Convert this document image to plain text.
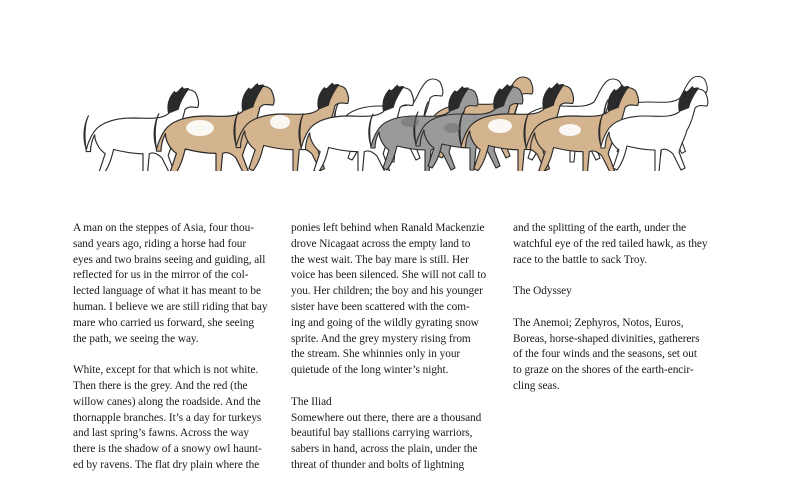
A man on the steppes of Asia, four thou-
sand years ago, riding a horse had four
eyes and two brains seeing and guiding, all
reflected for us in the mirror of the col-
lected language of what it has meant to be
human. I believe we are still riding that bay
mare who carried us forward, she seeing
the path, we seeing the way.

White, except for that which is not white.
Then there is the grey. And the red (the
willow canes) along the roadside. And the
thornapple branches. It’s a day for turkeys
and last spring’s fawns. Across the way
there is the shadow of a snowy owl haunt-
ed by ravens. The flat dry plain where the

ponies left behind when Ranald Mackenzie
drove Nicagaat across the empty land to
the west wait. The bay mare is still. Her
voice has been silenced. She will not call to
you. Her children; the boy and his younger
sister have been scattered with the com-
ing and going of the wildly gyrating snow
sprite. And the grey mystery rising from
the stream. She whinnies only in your
quietude of the long winter’s night.

The Iliad
Somewhere out there, there are a thousand
beautiful bay stallions carrying warriors,
sabers in hand, across the plain, under the
threat of thunder and bolts of lightning

and the splitting of the earth, under the
watchful eye of the red tailed hawk, as they
race to the battle to sack Troy.

The Odyssey

The Anemoi; Zephyros, Notos, Euros,
Boreas, horse-shaped divinities, gatherers
of the four winds and the seasons, set out
to graze on the shores of the earth-encir-
cling seas.
